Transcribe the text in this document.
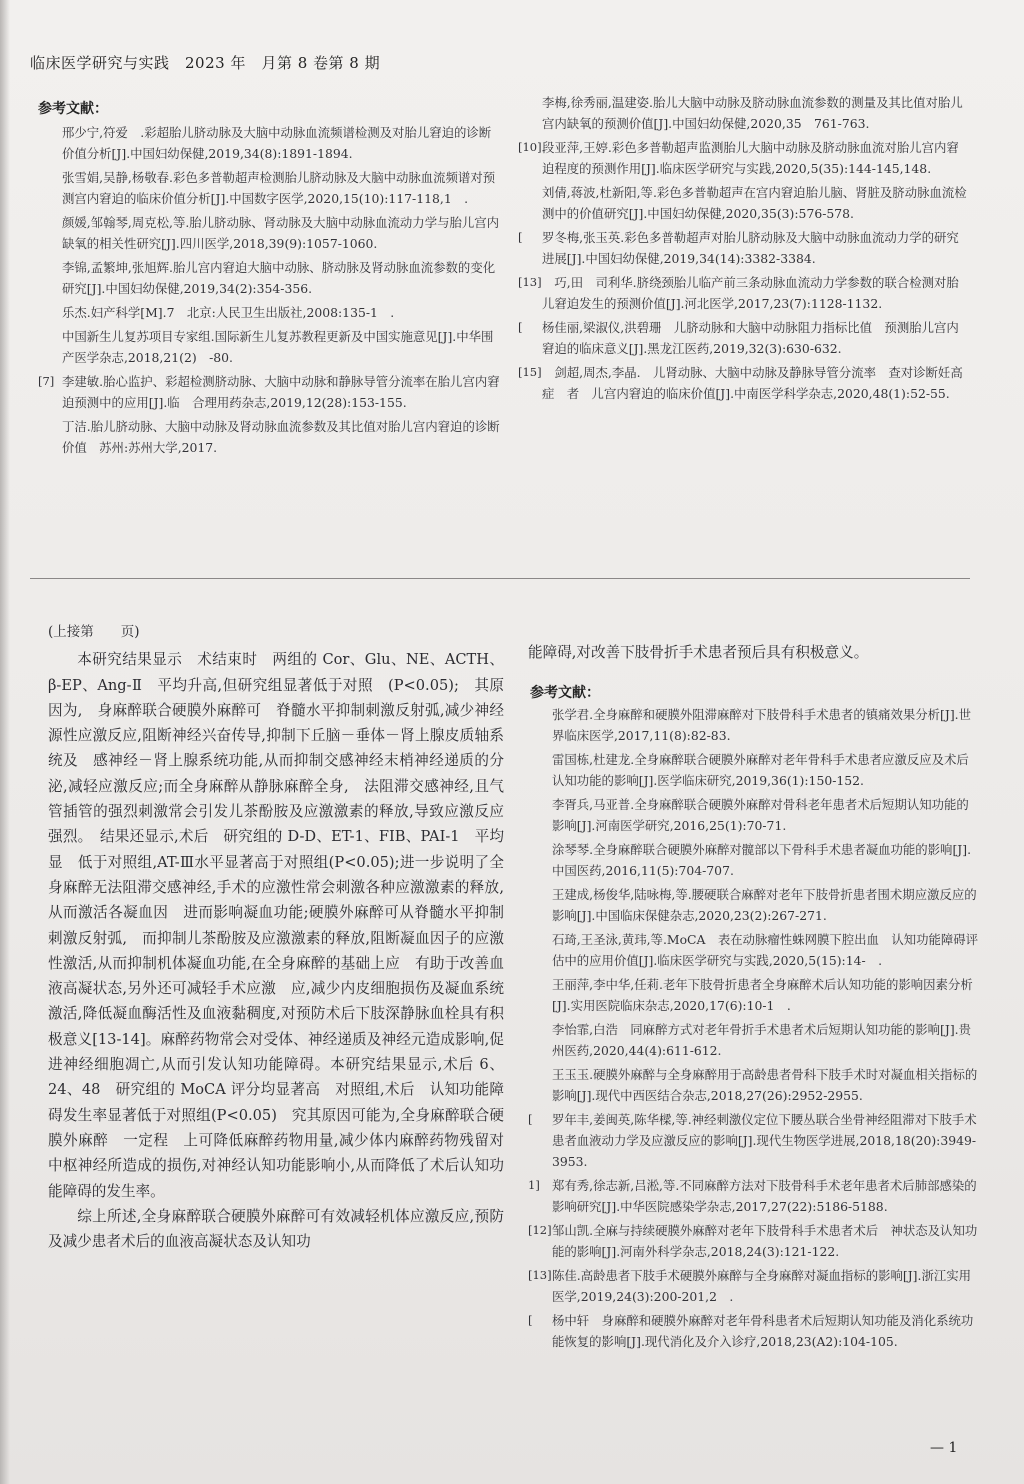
临床医学研究与实践　2023 年　月第 8 卷第 8 期
参考文献：
邢少宁,符爱　.彩超胎儿脐动脉及大脑中动脉血流频谱检测及对胎儿窘迫的诊断价值分析[J].中国妇幼保健,2019,34(8):1891-1894.
张雪娟,吴静,杨敬春.彩色多普勒超声检测胎儿脐动脉及大脑中动脉血流频谱对预测宫内窘迫的临床价值分析[J].中国数字医学,2020,15(10):117-118,1　.
颜媛,邹翰琴,周克松,等.胎儿脐动脉、肾动脉及大脑中动脉血流动力学与胎儿宫内缺氧的相关性研究[J].四川医学,2018,39(9):1057-1060.
李锦,孟繁坤,张旭辉.胎儿宫内窘迫大脑中动脉、脐动脉及肾动脉血流参数的变化研究[J].中国妇幼保健,2019,34(2):354-356.
乐杰.妇产科学[M].7　北京:人民卫生出版社,2008:135-1　.
中国新生儿复苏项目专家组.国际新生儿复苏教程更新及中国实施意见[J].中华围产医学杂志,2018,21(2)　-80.
[7] 李建敏.胎心监护、彩超检测脐动脉、大脑中动脉和静脉导管分流率在胎儿宫内窘迫预测中的应用[J].临　合理用药杂志,2019,12(28):153-155.
丁洁.胎儿脐动脉、大脑中动脉及肾动脉血流参数及其比值对胎儿宫内窘迫的诊断价值　苏州:苏州大学,2017.
李梅,徐秀丽,温建姿.胎儿大脑中动脉及脐动脉血流参数的测量及其比值对胎儿宫内缺氧的预测价值[J].中国妇幼保健,2020,35　761-763.
[10] 段亚萍,王婷.彩色多普勒超声监测胎儿大脑中动脉及脐动脉血流对胎儿宫内窘迫程度的预测作用[J].临床医学研究与实践,2020,5(35):144-145,148.
刘倩,蒋波,杜新阳,等.彩色多普勒超声在宫内窘迫胎儿脑、肾脏及脐动脉血流检测中的价值研究[J].中国妇幼保健,2020,35(3):576-578.
[ 罗冬梅,张玉英.彩色多普勒超声对胎儿脐动脉及大脑中动脉血流动力学的研究进展[J].中国妇幼保健,2019,34(14):3382-3384.
[13] 　巧,田　司利华.脐绕颈胎儿临产前三条动脉血流动力学参数的联合检测对胎儿窘迫发生的预测价值[J].河北医学,2017,23(7):1128-1132.
[ 杨佳丽,梁淑仪,洪碧珊　儿脐动脉和大脑中动脉阻力指标比值　预测胎儿宫内窘迫的临床意义[J].黑龙江医药,2019,32(3):630-632.
[15] 　剑超,周杰,李晶.　儿肾动脉、大脑中动脉及静脉导管分流率　查对诊断妊高症　者　儿宫内窘迫的临床价值[J].中南医学科学杂志,2020,48(1):52-55.
(上接第　　页)

本研究结果显示　术结束时　两组的 Cor、Glu、NE、ACTH、β-EP、Ang-Ⅱ　平均升高,但研究组显著低于对照　(P<0.05);　其原因为,　身麻醉联合硬膜外麻醉可　脊髓水平抑制刺激反射弧,减少神经源性应激反应,阻断神经兴奋传导,抑制下丘脑－垂体－肾上腺皮质轴系统及　感神经－肾上腺系统功能,从而抑制交感神经末梢神经递质的分泌,减轻应激反应;而全身麻醉从静脉麻醉全身,　法阻滞交感神经,且气管插管的强烈刺激常会引发儿茶酚胺及应激激素的释放,导致应激反应强烈。　结果还显示,术后　研究组的 D-D、ET-1、FIB、PAI-1　平均显　低于对照组,AT-Ⅲ水平显著高于对照组(P<0.05);进一步说明了全身麻醉无法阻滞交感神经,手术的应激性常会刺激各种应激激素的释放,从而激活各凝血因　进而影响凝血功能;硬膜外麻醉可从脊髓水平抑制刺激反射弧,　而抑制儿茶酚胺及应激激素的释放,阻断凝血因子的应激性激活,从而抑制机体凝血功能,在全身麻醉的基础上应　有助于改善血液高凝状态,另外还可减轻手术应激　应,减少内皮细胞损伤及凝血系统激活,降低凝血酶活性及血液黏稠度,对预防术后下肢深静脉血栓具有积极意义[13-14]。麻醉药物常会对受体、神经递质及神经元造成影响,促进神经细胞凋亡,从而引发认知功能障碍。本研究结果显示,术后 6、24、48　研究组的 MoCA 评分均显著高　对照组,术后　认知功能障碍发生率显著低于对照组(P<0.05)　究其原因可能为,全身麻醉联合硬膜外麻醉　一定程　上可降低麻醉药物用量,减少体内麻醉药物残留对中枢神经所造成的损伤,对神经认知功能影响小,从而降低了术后认知功能障碍的发生率。

综上所述,全身麻醉联合硬膜外麻醉可有效减轻机体应激反应,预防及减少患者术后的血液高凝状态及认知功

能障碍,对改善下肢骨折手术患者预后具有积极意义。
参考文献：
张学君.全身麻醉和硬膜外阻滞麻醉对下肢骨科手术患者的镇痛效果分析[J].世界临床医学,2017,11(8):82-83.
雷国栋,杜建龙.全身麻醉联合硬膜外麻醉对老年骨科手术患者应激反应及术后认知功能的影响[J].医学临床研究,2019,36(1):150-152.
李胥兵,马亚普.全身麻醉联合硬膜外麻醉对骨科老年患者术后短期认知功能的影响[J].河南医学研究,2016,25(1):70-71.
涂琴琴.全身麻醉联合硬膜外麻醉对髋部以下骨科手术患者凝血功能的影响[J].中国医药,2016,11(5):704-707.
王建成,杨俊华,陆咏梅,等.腰硬联合麻醉对老年下肢骨折患者围术期应激反应的影响[J].中国临床保健杂志,2020,23(2):267-271.
石琦,王圣泳,黄玮,等.MoCA　表在动脉瘤性蛛网膜下腔出血　认知功能障碍评估中的应用价值[J].临床医学研究与实践,2020,5(15):14-　.
王丽萍,李中华,任莉.老年下肢骨折患者全身麻醉术后认知功能的影响因素分析[J].实用医院临床杂志,2020,17(6):10-1　.
李怡霏,白浩　同麻醉方式对老年骨折手术患者术后短期认知功能的影响[J].贵州医药,2020,44(4):611-612.
王玉玉.硬膜外麻醉与全身麻醉用于高龄患者骨科下肢手术时对凝血相关指标的影响[J].现代中西医结合杂志,2018,27(26):2952-2955.
[ 罗年丰,姜闽英,陈华樑,等.神经刺激仪定位下腰丛联合坐骨神经阻滞对下肢手术患者血液动力学及应激反应的影响[J].现代生物医学进展,2018,18(20):3949-3953.
1] 郑有秀,徐志新,吕淞,等.不同麻醉方法对下肢骨科手术老年患者术后肺部感染的影响研究[J].中华医院感染学杂志,2017,27(22):5186-5188.
[12] 邹山凯.全麻与持续硬膜外麻醉对老年下肢骨科手术患者术后　神状态及认知功能的影响[J].河南外科学杂志,2018,24(3):121-122.
[13] 陈佳.高龄患者下肢手术硬膜外麻醉与全身麻醉对凝血指标的影响[J].浙江实用医学,2019,24(3):200-201,2　.
[ 杨中轩　身麻醉和硬膜外麻醉对老年骨科患者术后短期认知功能及消化系统功能恢复的影响[J].现代消化及介入诊疗,2018,23(A2):104-105.
— 1
